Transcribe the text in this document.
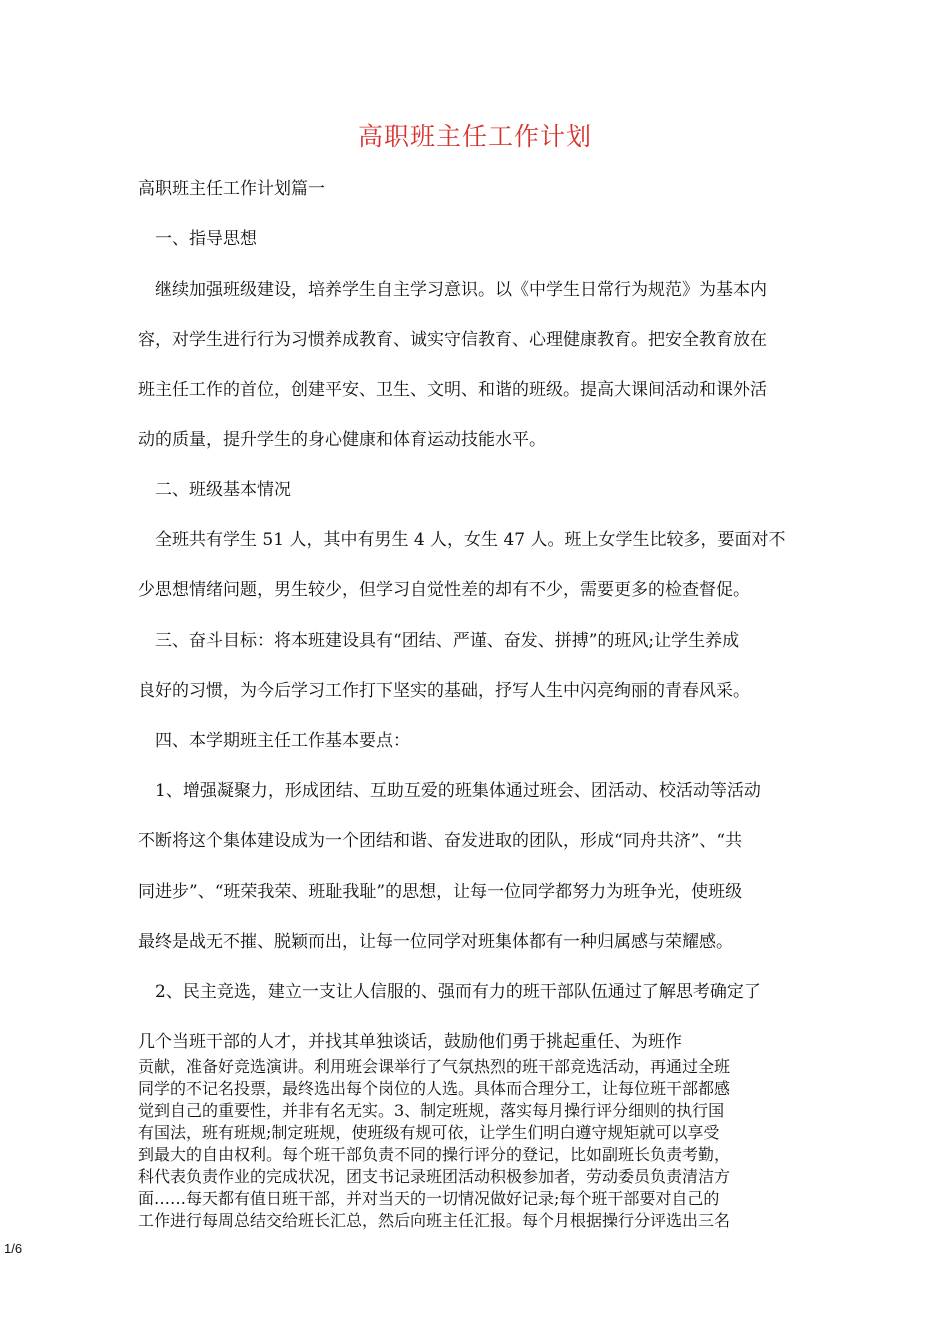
高职班主任工作计划
高职班主任工作计划篇一
　一、指导思想
　继续加强班级建设，培养学生自主学习意识。以《中学生日常行为规范》为基本内
容，对学生进行行为习惯养成教育、诚实守信教育、心理健康教育。把安全教育放在
班主任工作的首位，创建平安、卫生、文明、和谐的班级。提高大课间活动和课外活
动的质量，提升学生的身心健康和体育运动技能水平。
　二、班级基本情况
　全班共有学生 51 人，其中有男生 4 人，女生 47 人。班上女学生比较多，要面对不
少思想情绪问题，男生较少，但学习自觉性差的却有不少，需要更多的检查督促。
　三、奋斗目标：将本班建设具有“团结、严谨、奋发、拼搏”的班风;让学生养成
良好的习惯，为今后学习工作打下坚实的基础，抒写人生中闪亮绚丽的青春风采。
　四、本学期班主任工作基本要点：
　1、增强凝聚力，形成团结、互助互爱的班集体通过班会、团活动、校活动等活动
不断将这个集体建设成为一个团结和谐、奋发进取的团队，形成“同舟共济”、“共
同进步”、“班荣我荣、班耻我耻”的思想，让每一位同学都努力为班争光，使班级
最终是战无不摧、脱颖而出，让每一位同学对班集体都有一种归属感与荣耀感。
　2、民主竞选，建立一支让人信服的、强而有力的班干部队伍通过了解思考确定了
几个当班干部的人才，并找其单独谈话，鼓励他们勇于挑起重任、为班作
贡献，准备好竞选演讲。利用班会课举行了气氛热烈的班干部竞选活动，再通过全班
同学的不记名投票，最终选出每个岗位的人选。具体而合理分工，让每位班干部都感
觉到自己的重要性，并非有名无实。3、制定班规，落实每月操行评分细则的执行国
有国法，班有班规;制定班规，使班级有规可依，让学生们明白遵守规矩就可以享受
到最大的自由权利。每个班干部负责不同的操行评分的登记，比如副班长负责考勤，
科代表负责作业的完成状况，团支书记录班团活动积极参加者，劳动委员负责清洁方
面……每天都有值日班干部，并对当天的一切情况做好记录;每个班干部要对自己的
工作进行每周总结交给班长汇总，然后向班主任汇报。每个月根据操行分评选出三名
1/6
